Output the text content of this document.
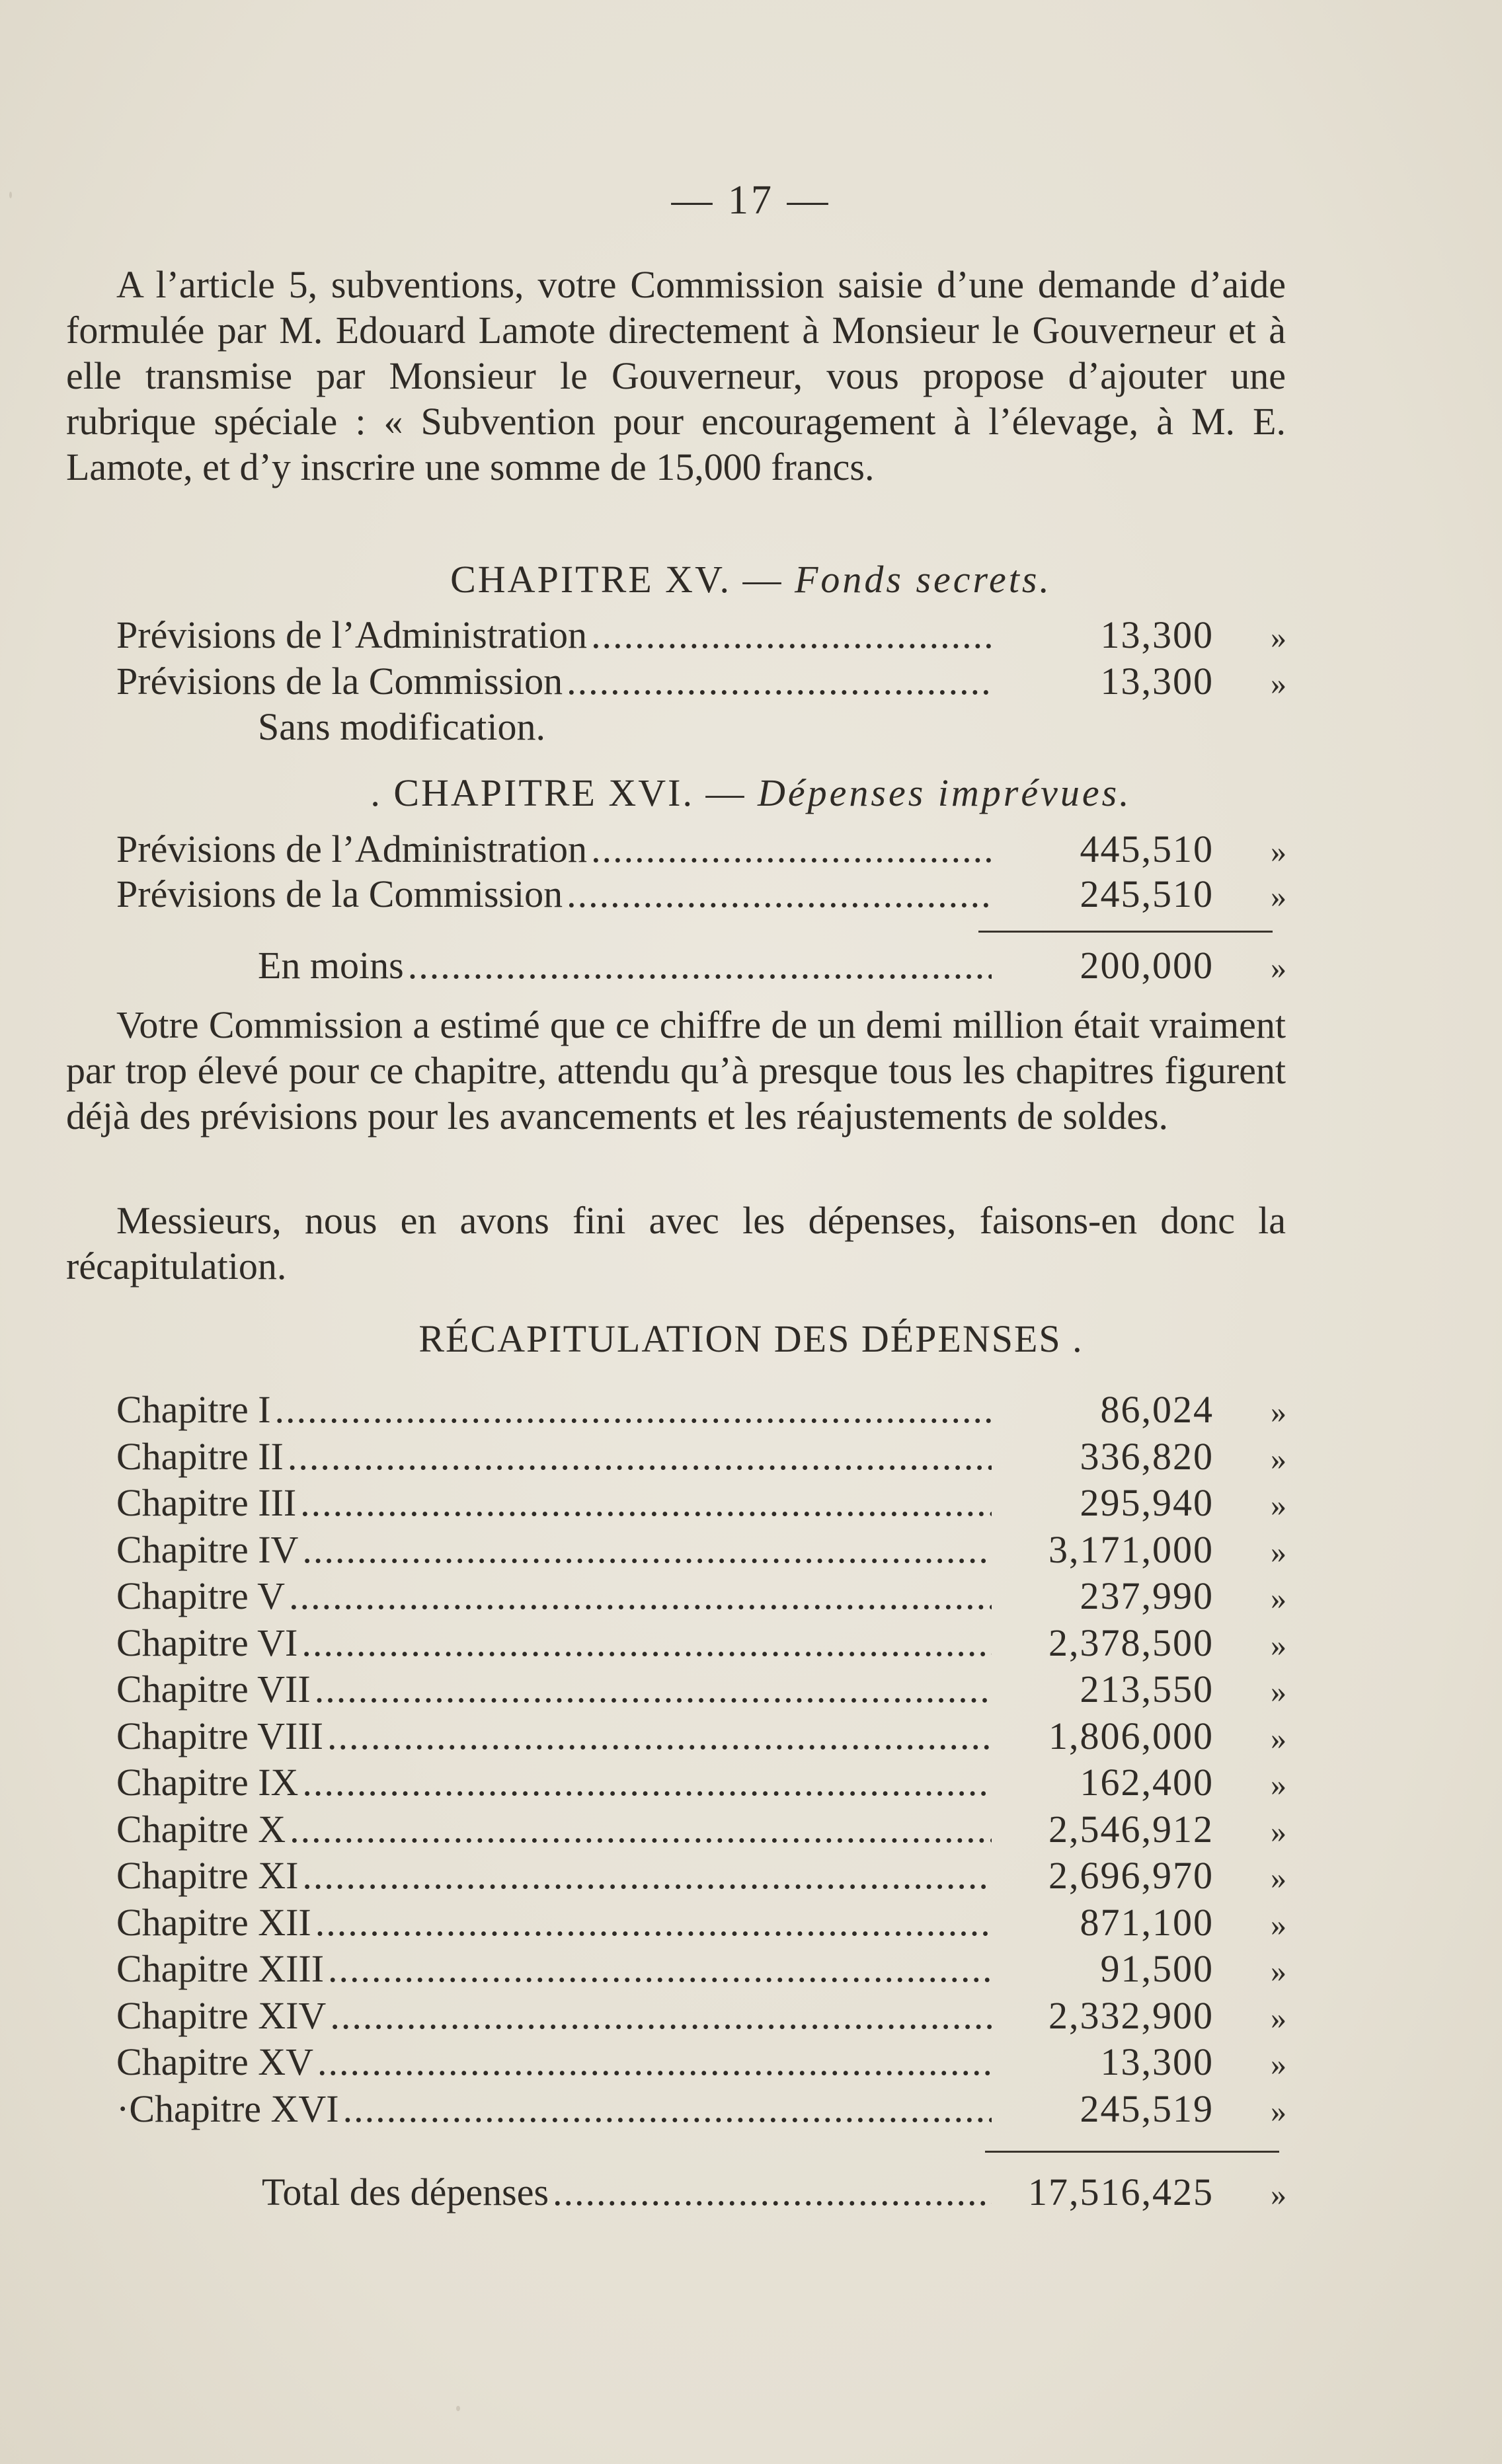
— 17 —
A l’article 5, subventions, votre Commission saisie d’une demande d’aide formulée par M. Edouard Lamote directement à Monsieur le Gouverneur et à elle transmise par Monsieur le Gouverneur, vous propose d’ajouter une rubrique spéciale : « Subvention pour encouragement à l’élevage, à M. E. Lamote, et d’y inscrire une somme de 15,000 francs.
CHAPITRE XV. — Fonds secrets.
Prévisions de l’Administration .....	13,300	»
Prévisions de la Commission .....	13,300	»
Sans modification.
. CHAPITRE XVI. — Dépenses imprévues.
Prévisions de l’Administration .....	445,510	»
Prévisions de la Commission .....	245,510	»
En moins .....	200,000	»
Votre Commission a estimé que ce chiffre de un demi million était vraiment par trop élevé pour ce chapitre, attendu qu’à presque tous les chapitres figurent déjà des prévisions pour les avancements et les réajustements de soldes.
Messieurs, nous en avons fini avec les dépenses, faisons-en donc la récapitulation.
RÉCAPITULATION DES DÉPENSES .
Chapitre I .....	86,024	»
Chapitre II .....	336,820	»
Chapitre III .....	295,940	»
Chapitre IV .....	3,171,000	»
Chapitre V .....	237,990	»
Chapitre VI .....	2,378,500	»
Chapitre VII .....	213,550	»
Chapitre VIII .....	1,806,000	»
Chapitre IX .....	162,400	»
Chapitre X .....	2,546,912	»
Chapitre XI .....	2,696,970	»
Chapitre XII .....	871,100	»
Chapitre XIII .....	91,500	»
Chapitre XIV .....	2,332,900	»
Chapitre XV .....	13,300	»
·Chapitre XVI .....	245,519	»
Total des dépenses .....	17,516,425	»
